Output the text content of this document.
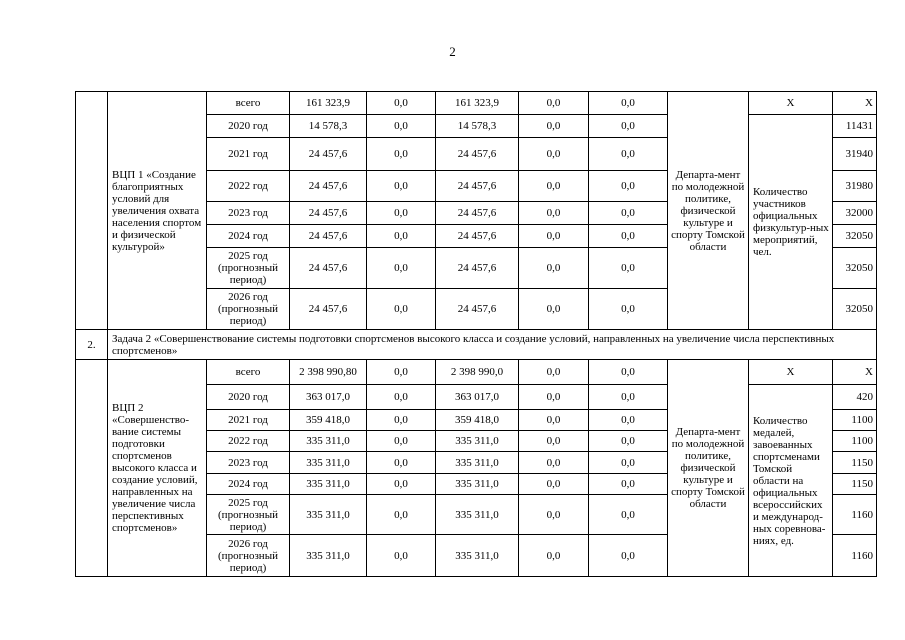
2
	ВЦП 1 «Создание благоприятных условий для увеличения охвата населения спортом и физической культурой»	всего	161 323,9	0,0	161 323,9	0,0	0,0	Департа-мент по молодежной политике, физической культуре и спорту Томской области	Х	Х
		2020 год	14 578,3	0,0	14 578,3	0,0	0,0		Количество участников официальных физкультур-ных мероприятий, чел.	11431
		2021 год	24 457,6	0,0	24 457,6	0,0	0,0			31940
		2022 год	24 457,6	0,0	24 457,6	0,0	0,0			31980
		2023 год	24 457,6	0,0	24 457,6	0,0	0,0			32000
		2024 год	24 457,6	0,0	24 457,6	0,0	0,0			32050
		2025 год (прогнозный период)	24 457,6	0,0	24 457,6	0,0	0,0			32050
		2026 год (прогнозный период)	24 457,6	0,0	24 457,6	0,0	0,0			32050
2.	Задача 2 «Совершенствование системы подготовки спортсменов высокого класса и создание условий, направленных на увеличение числа перспективных спортсменов»									
	ВЦП 2 «Совершенство-вание системы подготовки спортсменов высокого класса и создание условий, направленных на увеличение числа перспективных спортсменов»	всего	2 398 990,80	0,0	2 398 990,0	0,0	0,0	Департа-мент по молодежной политике, физической культуре и спорту Томской области	Х	Х
		2020 год	363 017,0	0,0	363 017,0	0,0	0,0		Количество медалей, завоеванных спортсменами Томской области на официальных всероссийских и международ-ных соревнова-ниях, ед.	420
		2021 год	359 418,0	0,0	359 418,0	0,0	0,0			1100
		2022 год	335 311,0	0,0	335 311,0	0,0	0,0			1100
		2023 год	335 311,0	0,0	335 311,0	0,0	0,0			1150
		2024 год	335 311,0	0,0	335 311,0	0,0	0,0			1150
		2025 год (прогнозный период)	335 311,0	0,0	335 311,0	0,0	0,0			1160
		2026 год (прогнозный период)	335 311,0	0,0	335 311,0	0,0	0,0			1160
